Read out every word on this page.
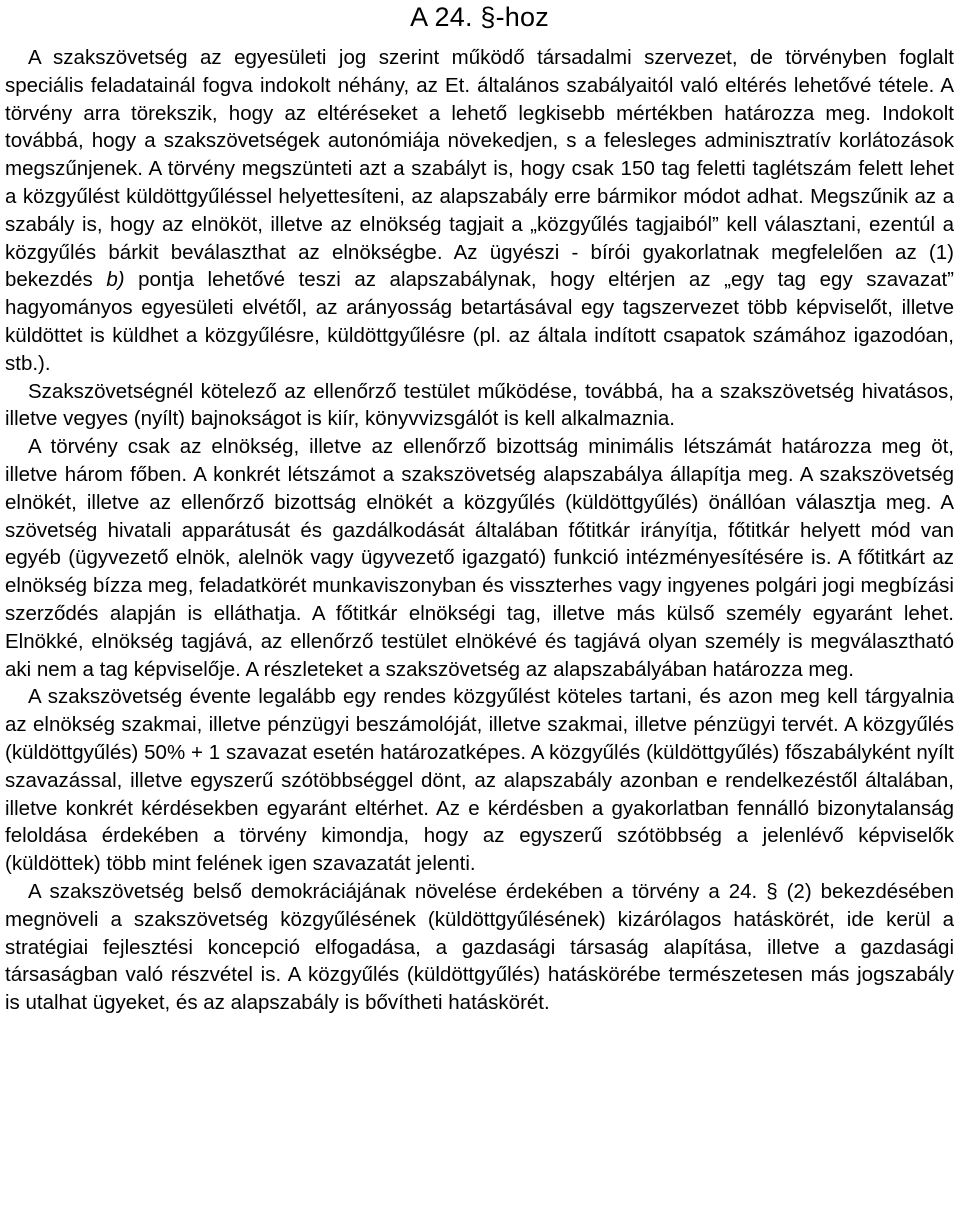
A 24. §-hoz

A szakszövetség az egyesületi jog szerint működő társadalmi szervezet, de törvényben foglalt speciális feladatainál fogva indokolt néhány, az Et. általános szabályaitól való eltérés lehetővé tétele. A törvény arra törekszik, hogy az eltéréseket a lehető legkisebb mértékben határozza meg. Indokolt továbbá, hogy a szakszövetségek autonómiája növekedjen, s a felesleges adminisztratív korlátozások megszűnjenek. A törvény megszünteti azt a szabályt is, hogy csak 150 tag feletti taglétszám felett lehet a közgyűlést küldöttgyűléssel helyettesíteni, az alapszabály erre bármikor módot adhat. Megszűnik az a szabály is, hogy az elnököt, illetve az elnökség tagjait a „közgyűlés tagjaiból” kell választani, ezentúl a közgyűlés bárkit beválaszthat az elnökségbe. Az ügyészi - bírói gyakorlatnak megfelelően az (1) bekezdés b) pontja lehetővé teszi az alapszabálynak, hogy eltérjen az „egy tag egy szavazat” hagyományos egyesületi elvétől, az arányosság betartásával egy tagszervezet több képviselőt, illetve küldöttet is küldhet a közgyűlésre, küldöttgyűlésre (pl. az általa indított csapatok számához igazodóan, stb.).

Szakszövetségnél kötelező az ellenőrző testület működése, továbbá, ha a szakszövetség hivatásos, illetve vegyes (nyílt) bajnokságot is kiír, könyvvizsgálót is kell alkalmaznia.

A törvény csak az elnökség, illetve az ellenőrző bizottság minimális létszámát határozza meg öt, illetve három főben. A konkrét létszámot a szakszövetség alapszabálya állapítja meg. A szakszövetség elnökét, illetve az ellenőrző bizottság elnökét a közgyűlés (küldöttgyűlés) önállóan választja meg. A szövetség hivatali apparátusát és gazdálkodását általában főtitkár irányítja, főtitkár helyett mód van egyéb (ügyvezető elnök, alelnök vagy ügyvezető igazgató) funkció intézményesítésére is. A főtitkárt az elnökség bízza meg, feladatkörét munkaviszonyban és visszterhes vagy ingyenes polgári jogi megbízási szerződés alapján is elláthatja. A főtitkár elnökségi tag, illetve más külső személy egyaránt lehet. Elnökké, elnökség tagjává, az ellenőrző testület elnökévé és tagjává olyan személy is megválasztható aki nem a tag képviselője. A részleteket a szakszövetség az alapszabályában határozza meg.

A szakszövetség évente legalább egy rendes közgyűlést köteles tartani, és azon meg kell tárgyalnia az elnökség szakmai, illetve pénzügyi beszámolóját, illetve szakmai, illetve pénzügyi tervét. A közgyűlés (küldöttgyűlés) 50% + 1 szavazat esetén határozatképes. A közgyűlés (küldöttgyűlés) főszabályként nyílt szavazással, illetve egyszerű szótöbbséggel dönt, az alapszabály azonban e rendelkezéstől általában, illetve konkrét kérdésekben egyaránt eltérhet. Az e kérdésben a gyakorlatban fennálló bizonytalanság feloldása érdekében a törvény kimondja, hogy az egyszerű szótöbbség a jelenlévő képviselők (küldöttek) több mint felének igen szavazatát jelenti.

A szakszövetség belső demokráciájának növelése érdekében a törvény a 24. § (2) bekezdésében megnöveli a szakszövetség közgyűlésének (küldöttgyűlésének) kizárólagos hatáskörét, ide kerül a stratégiai fejlesztési koncepció elfogadása, a gazdasági társaság alapítása, illetve a gazdasági társaságban való részvétel is. A közgyűlés (küldöttgyűlés) hatáskörébe természetesen más jogszabály is utalhat ügyeket, és az alapszabály is bővítheti hatáskörét.
